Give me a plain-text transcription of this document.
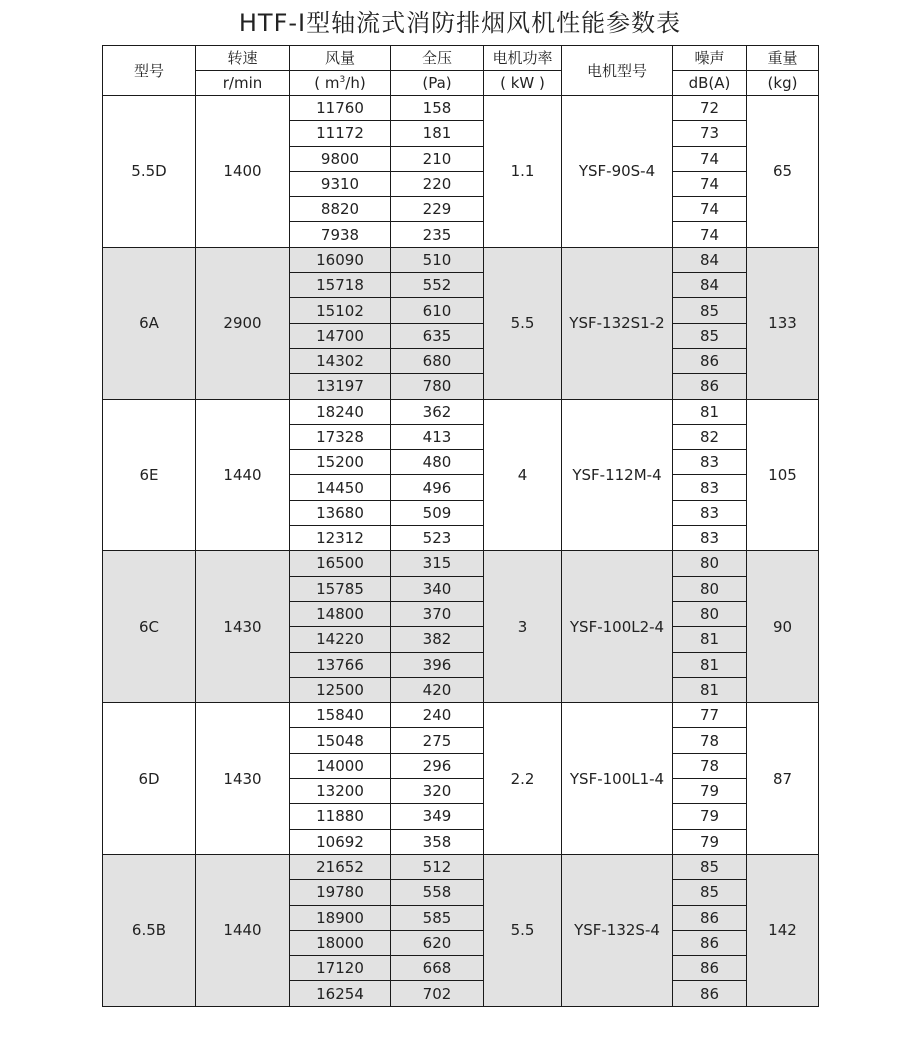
HTF-I型轴流式消防排烟风机性能参数表
型号	转速	风量	全压	电机功率	电机型号	噪声	重量
	r/min	( $m^3/h$)	(Pa)	( kW )		dB(A)	(kg)
5.5D	1400	11760	158	1.1	YSF-90S-4	72	65
		11172	181			73	
		9800	210			74	
		9310	220			74	
		8820	229			74	
		7938	235			74	
6A	2900	16090	510	5.5	YSF-132S1-2	84	133
		15718	552			84	
		15102	610			85	
		14700	635			85	
		14302	680			86	
		13197	780			86	
6E	1440	18240	362	4	YSF-112M-4	81	105
		17328	413			82	
		15200	480			83	
		14450	496			83	
		13680	509			83	
		12312	523			83	
6C	1430	16500	315	3	YSF-100L2-4	80	90
		15785	340			80	
		14800	370			80	
		14220	382			81	
		13766	396			81	
		12500	420			81	
6D	1430	15840	240	2.2	YSF-100L1-4	77	87
		15048	275			78	
		14000	296			78	
		13200	320			79	
		11880	349			79	
		10692	358			79	
6.5B	1440	21652	512	5.5	YSF-132S-4	85	142
		19780	558			85	
		18900	585			86	
		18000	620			86	
		17120	668			86	
		16254	702			86	
